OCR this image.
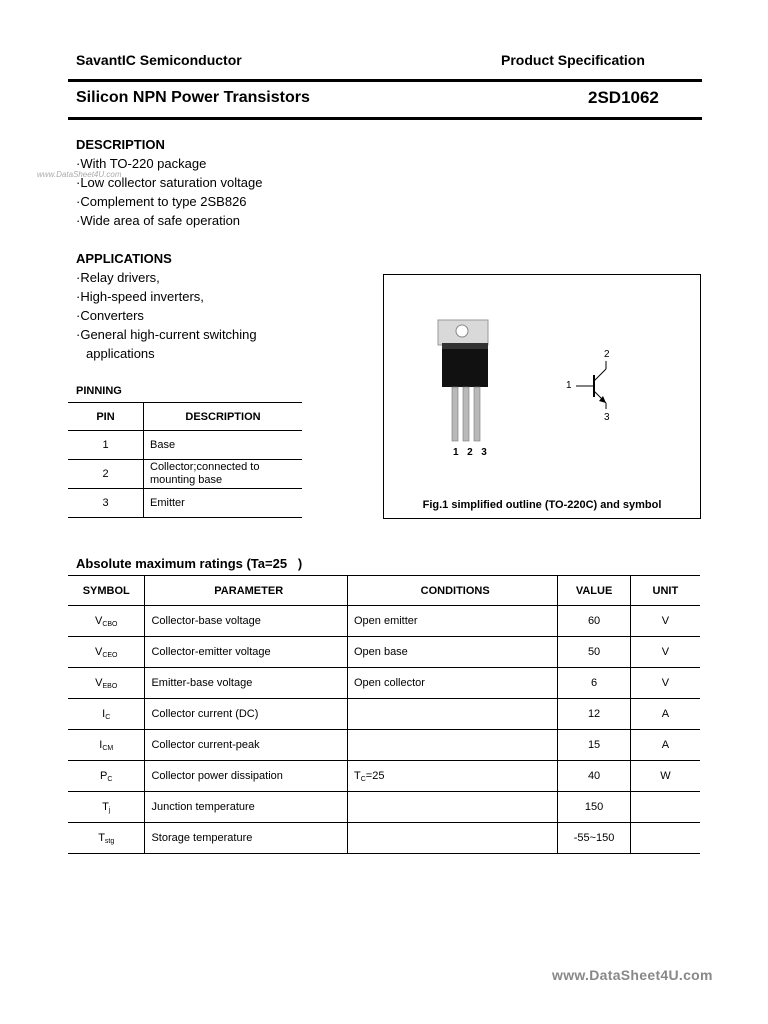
SavantIC Semiconductor	Product Specification
Silicon NPN Power Transistors	2SD1062
www.DataSheet4U.com
DESCRIPTION
·With TO-220 package
·Low collector saturation voltage
·Complement to type 2SB826
·Wide area of safe operation
APPLICATIONS
·Relay drivers,
·High-speed inverters,
·Converters
·General high-current switching
applications
PINNING
PIN	DESCRIPTION
1	Base
2	Collector;connected to
mounting base

3	Emitter
1  2  3
1
2
3
Fig.1 simplified outline (TO-220C) and symbol
Absolute maximum ratings (Ta=25   )
SYMBOL	PARAMETER	CONDITIONS	VALUE	UNIT
$V_{CBO}$	Collector-base voltage	Open emitter	60	V
$V_{CEO}$	Collector-emitter voltage	Open base	50	V
$V_{EBO}$	Emitter-base voltage	Open collector	6	V
$I_C$	Collector current (DC)		12	A
$I_{CM}$	Collector current-peak		15	A
$P_C$	Collector power dissipation	$T_C=25$	40	W
$T_j$	Junction temperature		150	
$T_{stg}$	Storage temperature		-55~150	
www.DataSheet4U.com
